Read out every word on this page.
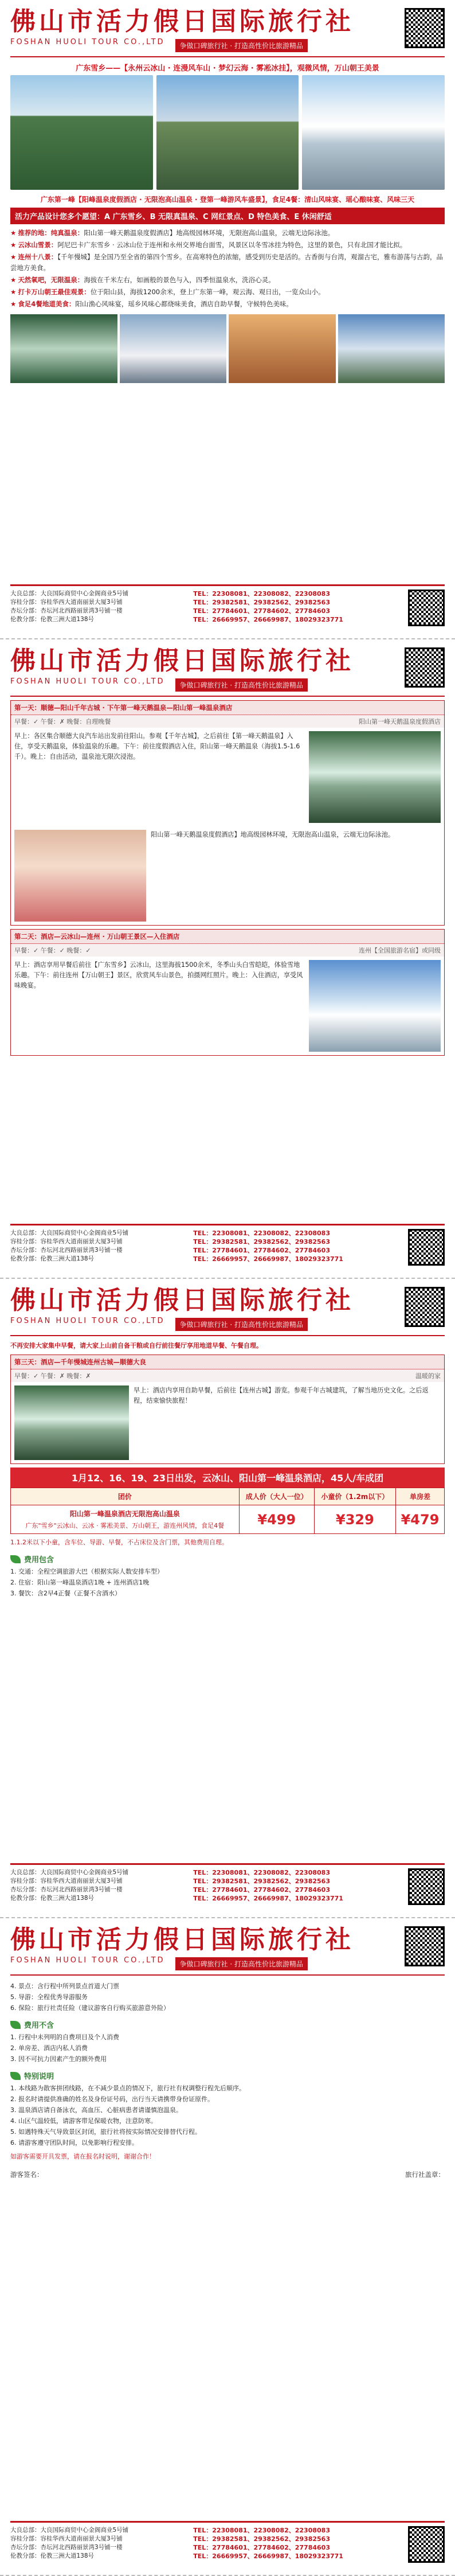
佛山市活力假日国际旅行社
FOSHAN HUOLI TOUR CO.,LTD	争做口碑旅行社 · 打造高性价比旅游精品
广东雪乡——【永州云冰山 · 连漫风车山 · 梦幻云海 · 雾凇冰挂】，观微风情，万山朝王美景
广东第一峰【阳峰温泉度假酒店 · 无限泡高山温泉 · 登第一峰游风车盛景】，食足4餐：清山风味宴、瑶心酿味宴、风味三天
活力产品设计您多个愿望：A 广东雪乡、B 无限真温泉、C 网红景点、D 特色美食、E 休闲舒适
★ 推荐的地：纯真温泉：阳山第一峰天鹅温泉度假酒店】地高级园林环境，无限泡高山温泉，云端无边际泳池。
★ 云冰山雪景：阿尼巴卡广东雪乡 · 云冰山位于连州和永州交界地台面雪，风景区以冬雪冰挂为特色，这里的景色，只有北国才能比拟。
★ 连州十八景：【千年慢城】是全国乃至全省的第四个雪乡。在高寒特色的浓缩，感受到历史是活的。古香街与台湾，观溜古宅，雅布游荡与古韵，品尝地方美食。
★ 天然氧吧，无限温泉：海拔在千米左右，如画般的景色与入，四季恒温泉水，洗浴心灵。
★ 打卡万山朝王最佳观景：位于阳山县，海拔1200余米，登上广东第一峰，观云海、观日出，一览众山小。
★ 食足4餐地道美食：阳山渔心风味宴，瑶乡风味心都烧味美食，酒店自助早餐，守候特色美味。
大良总部：大良国际商贸中心金阁商业5号铺
容桂分部：容桂华西大道南丽景大厦3号铺
杏坛分部：杏坛河北西路丽景湾3号铺一楼
伦教分部：伦教三洲大道138号
TEL：22308081、22308082、22308083
TEL：29382581、29382562、29382563
TEL：27784601、27784602、27784603
TEL：26669957、26669987、18029323771
佛山市活力假日国际旅行社
FOSHAN HUOLI TOUR CO.,LTD	争做口碑旅行社 · 打造高性价比旅游精品
第一天：顺德—阳山千年古城 · 下午第一峰天鹅温泉—阳山第一峰温泉酒店
早餐：✓ 午餐：✗ 晚餐：自理晚餐	阳山第一峰天鹅温泉度假酒店
早上：各区集合顺德大良汽车站出发前往阳山。参观【千年古城】，之后前往【第一峰天鹅温泉】入住，享受天鹅温泉，体验温泉的乐趣。下午：前往度假酒店入住，阳山第一峰天鹅温泉（海拔1.5-1.6千）。晚上：自由活动，温泉池无限次浸泡。
阳山第一峰天鹅温泉度假酒店】地高级园林环境，无限泡高山温泉，云端无边际泳池。
第二天：酒店—云冰山—连州 · 万山朝王景区—入住酒店
早餐：✓ 午餐：✓ 晚餐：✓	连州【全国旅游名宿】或同级
早上：酒店享用早餐后前往【广东雪乡】云冰山，这里海拔1500余米，冬季山头白雪皑皑，体验雪地乐趣。下午：前往连州【万山朝王】景区，欣赏风车山景色，拍摄网红照片。晚上：入住酒店，享受风味晚宴。
大良总部：大良国际商贸中心金阁商业5号铺
容桂分部：容桂华西大道南丽景大厦3号铺
杏坛分部：杏坛河北西路丽景湾3号铺一楼
伦教分部：伦教三洲大道138号
TEL：22308081、22308082、22308083
TEL：29382581、29382562、29382563
TEL：27784601、27784602、27784603
TEL：26669957、26669987、18029323771
佛山市活力假日国际旅行社
FOSHAN HUOLI TOUR CO.,LTD	争做口碑旅行社 · 打造高性价比旅游精品
不再安排大家集中早餐，请大家上山前自备干粮或自行前往餐厅享用地道早餐、午餐自理。
第三天：酒店—千年慢城连州古城—顺德大良
早餐：✓ 午餐：✗ 晚餐：✗	温暖的家
早上：酒店内享用自助早餐，后前往【连州古城】游览。参观千年古城建筑，了解当地历史文化。之后返程，结束愉快旅程！
1月12、16、19、23日出发，云冰山、阳山第一峰温泉酒店，45人/车成团
团价	成人价（大人一位）	小童价（1.2m以下）	单房差

阳山第一峰温泉酒店无限泡高山温泉
广东"雪乡"云冰山、云冰 · 雾凇美景、万山朝王，游连州风情，食足4餐	¥499	¥329	¥479
1.1.2米以下小童，含车位、导游、早餐，不占床位及含门票，其他费用自理。
费用包含
1. 交通：全程空调旅游大巴（根据实际人数安排车型）
2. 住宿：阳山第一峰温泉酒店1晚 + 连州酒店1晚
3. 餐饮：含2早4正餐（正餐不含酒水）
大良总部：大良国际商贸中心金阁商业5号铺
容桂分部：容桂华西大道南丽景大厦3号铺
杏坛分部：杏坛河北西路丽景湾3号铺一楼
伦教分部：伦教三洲大道138号
TEL：22308081、22308082、22308083
TEL：29382581、29382562、29382563
TEL：27784601、27784602、27784603
TEL：26669957、26669987、18029323771
佛山市活力假日国际旅行社
FOSHAN HUOLI TOUR CO.,LTD	争做口碑旅行社 · 打造高性价比旅游精品
4. 景点：含行程中所列景点首道大门票
5. 导游：全程优秀导游服务
6. 保险：旅行社责任险（建议游客自行购买旅游意外险）
费用不含
1. 行程中未列明的自费项目及个人消费
2. 单房差、酒店内私人消费
3. 因不可抗力因素产生的额外费用
特别说明
1. 本线路为散客拼团线路，在不减少景点的情况下，旅行社有权调整行程先后顺序。
2. 报名时请提供准确的姓名及身份证号码，出行当天请携带身份证原件。
3. 温泉酒店请自备泳衣，高血压、心脏病患者请谨慎泡温泉。
4. 山区气温较低，请游客带足保暖衣物，注意防寒。
5. 如遇特殊天气导致景区封闭，旅行社将按实际情况安排替代行程。
6. 请游客遵守团队时间，以免影响行程安排。
如游客需要开具发票，请在报名时说明，谢谢合作！
游客签名：	旅行社盖章：
大良总部：大良国际商贸中心金阁商业5号铺
容桂分部：容桂华西大道南丽景大厦3号铺
杏坛分部：杏坛河北西路丽景湾3号铺一楼
伦教分部：伦教三洲大道138号
TEL：22308081、22308082、22308083
TEL：29382581、29382562、29382563
TEL：27784601、27784602、27784603
TEL：26669957、26669987、18029323771
